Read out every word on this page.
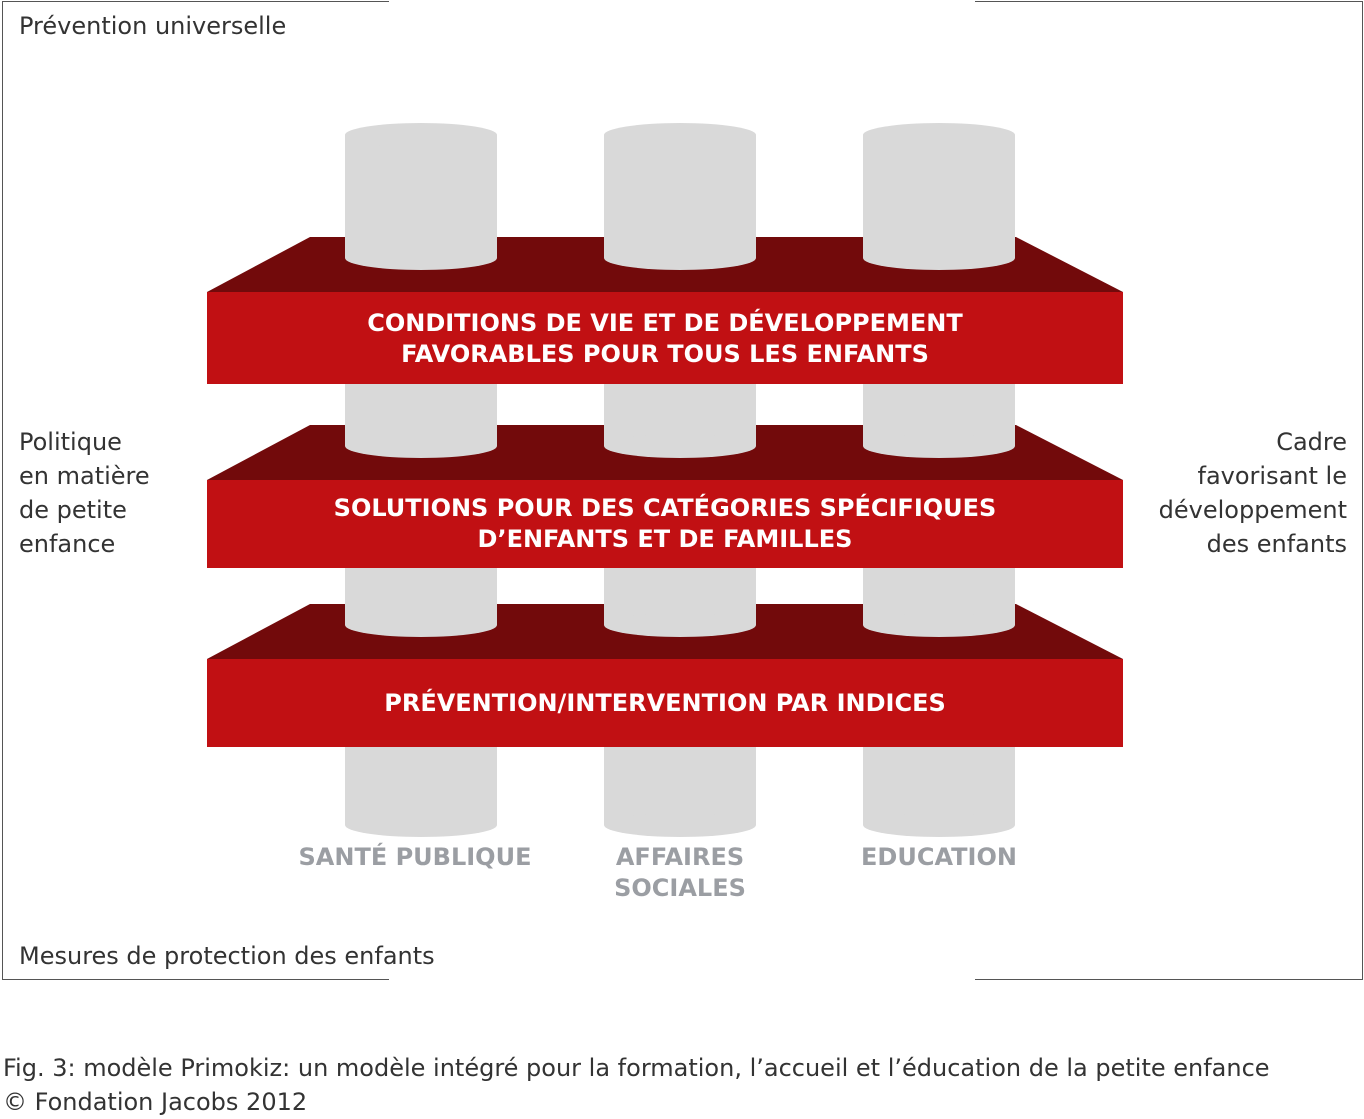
Prévention universelle
Mesures de protection des enfants
Politique
en matière
de petite
enfance
Cadre
favorisant le
développement
des enfants
CONDITIONS DE VIE ET DE DÉVELOPPEMENT
FAVORABLES POUR TOUS LES ENFANTS
SOLUTIONS POUR DES CATÉGORIES SPÉCIFIQUES
D’ENFANTS ET DE FAMILLES
PRÉVENTION/INTERVENTION PAR INDICES
SANTÉ PUBLIQUE	AFFAIRES
SOCIALES
EDUCATION
Fig. 3: modèle Primokiz: un modèle intégré pour la formation, l’accueil et l’éducation de la petite enfance
© Fondation Jacobs 2012
